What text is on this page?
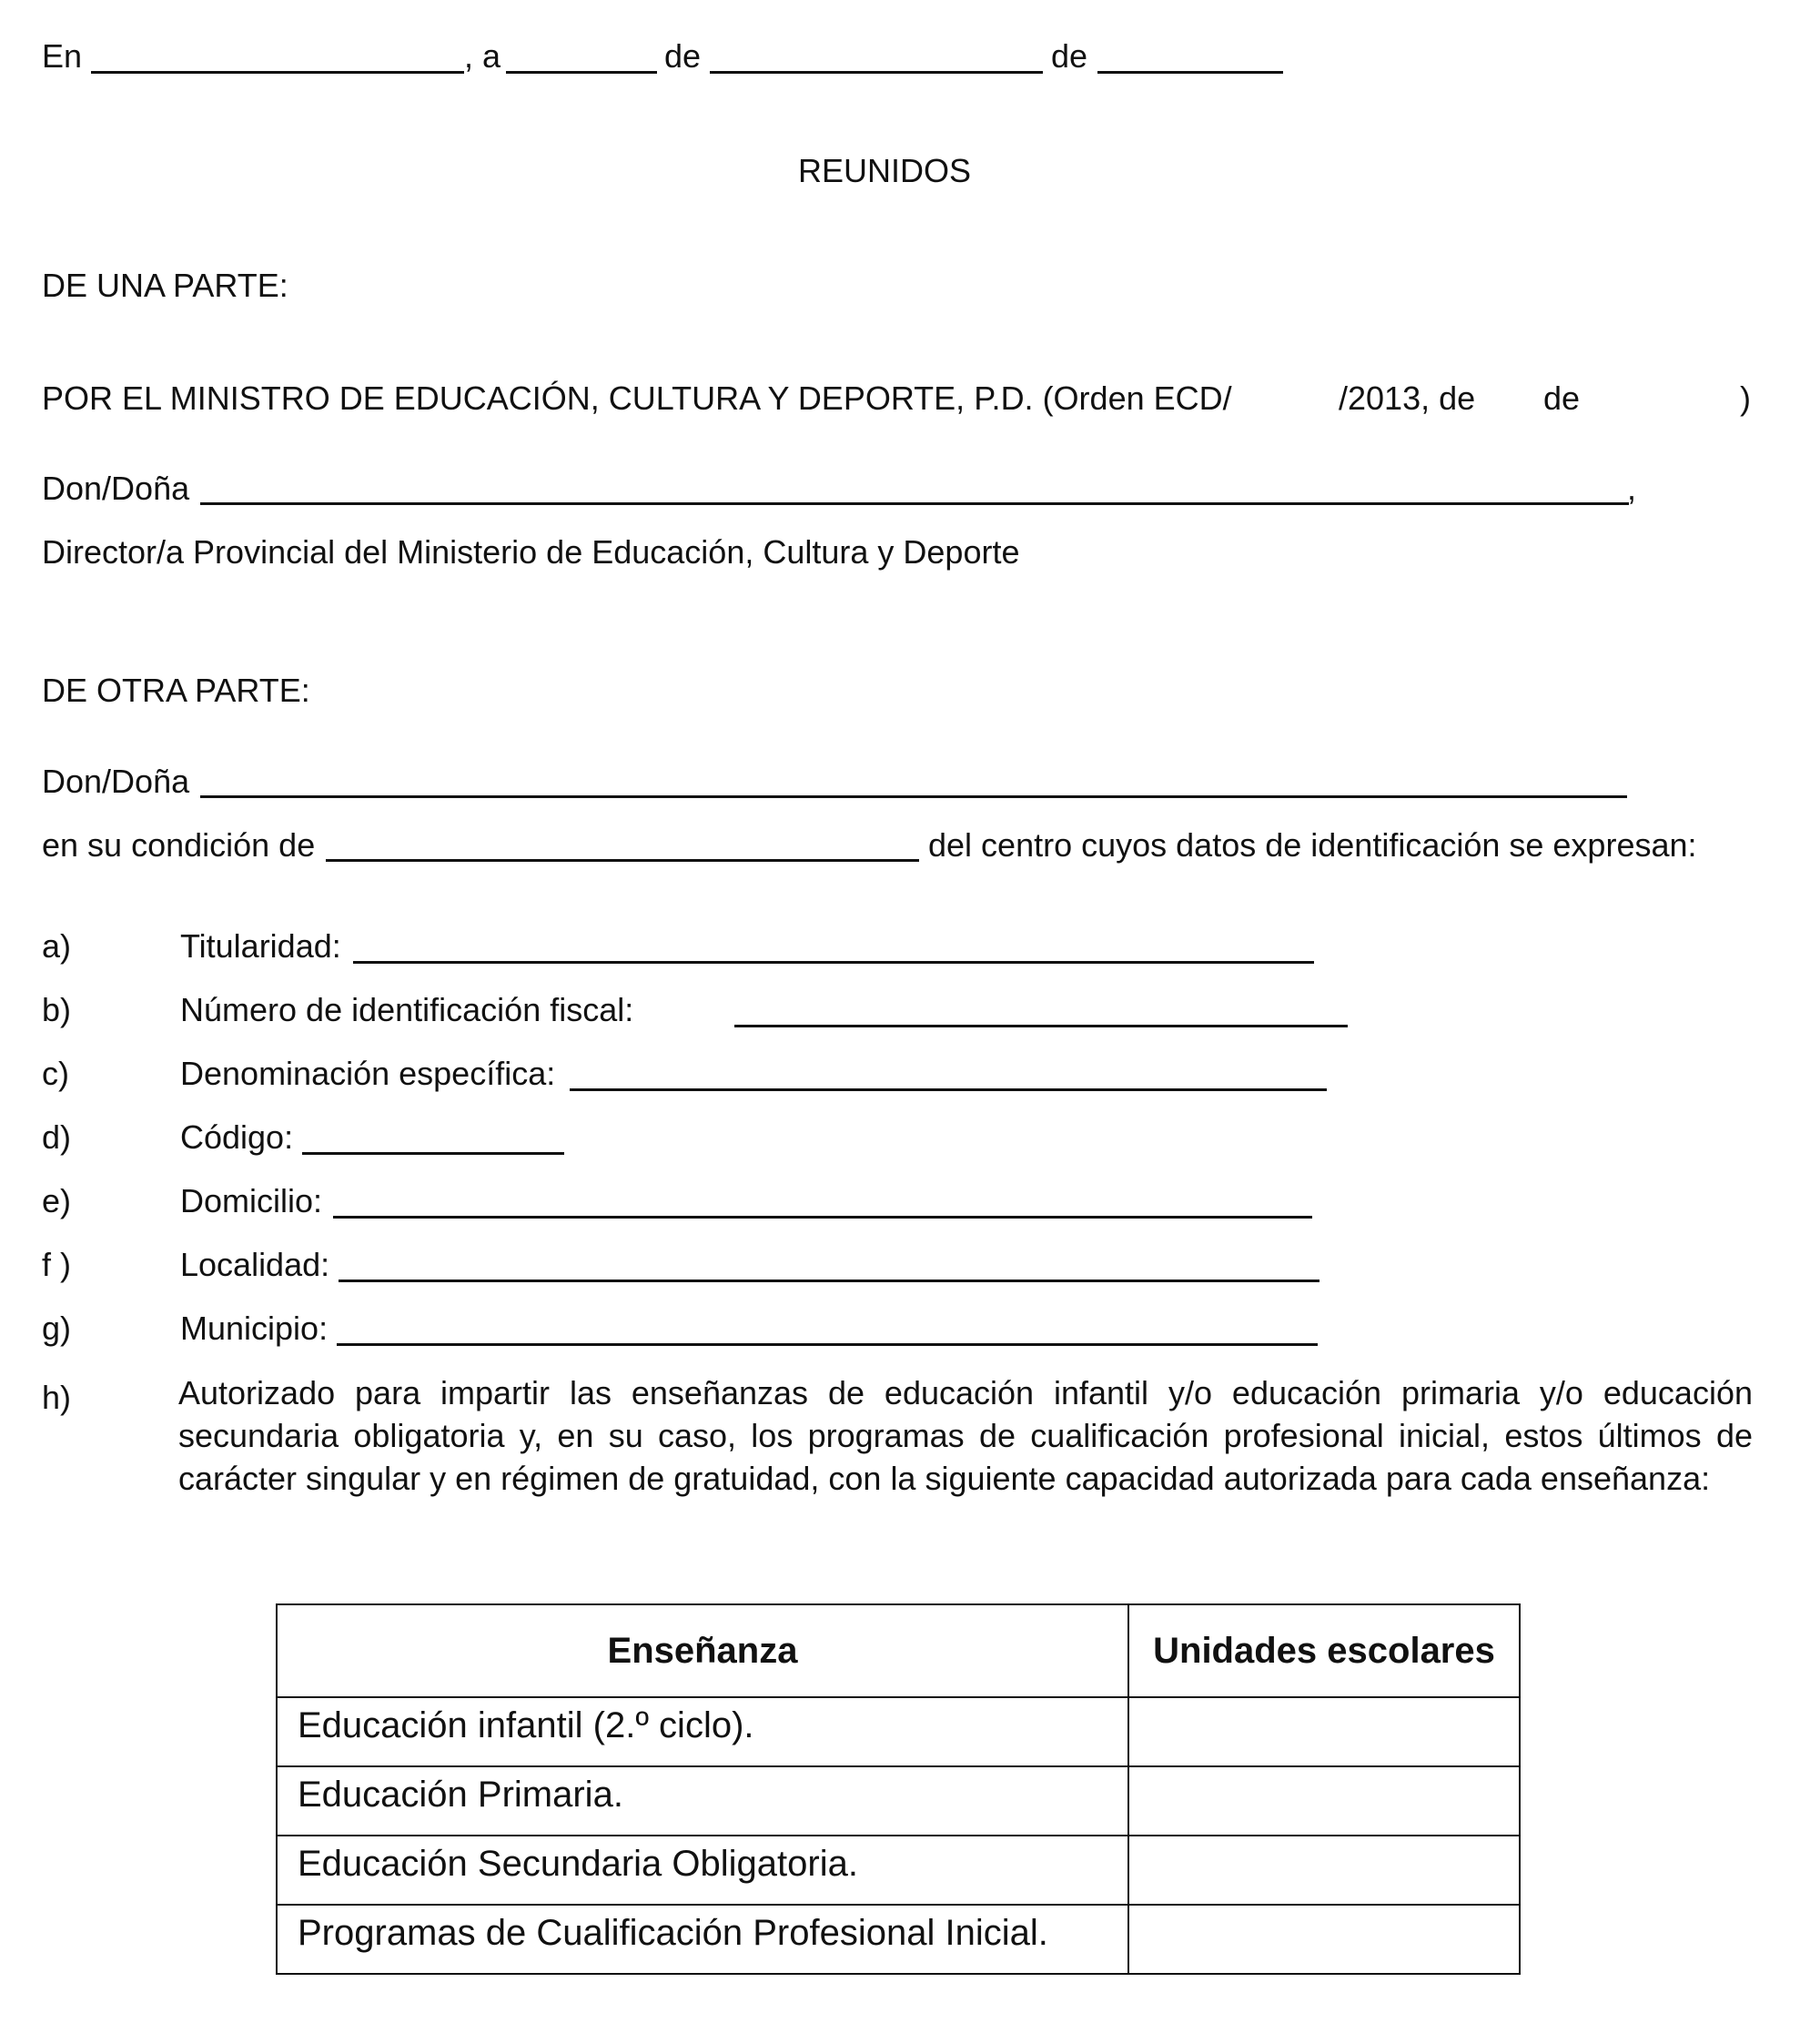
En	, a	de	de
REUNIDOS
DE UNA PARTE:
POR EL MINISTRO DE EDUCACIÓN, CULTURA Y DEPORTE, P.D. (Orden ECD/	/2013, de de	)
Don/Doña	,
Director/a Provincial del Ministerio de Educación, Cultura y Deporte
DE OTRA PARTE:
Don/Doña
en su condición de	del centro cuyos datos de identificación se expresan:
a)	Titularidad:
b)	Número de identificación fiscal:
c)	Denominación específica:
d)	Código:
e)	Domicilio:
f )	Localidad:
g)	Municipio:
h)	Autorizado para impartir las enseñanzas de educación infantil y/o educación primaria y/o educación secundaria obligatoria y, en su caso, los programas de cualificación profesional inicial, estos últimos de carácter singular y en régimen de gratuidad, con la siguiente capacidad autorizada para cada enseñanza:
Enseñanza	Unidades escolares
Educación infantil (2.º ciclo).	
Educación Primaria.	
Educación Secundaria Obligatoria.	
Programas de Cualificación Profesional Inicial.	
